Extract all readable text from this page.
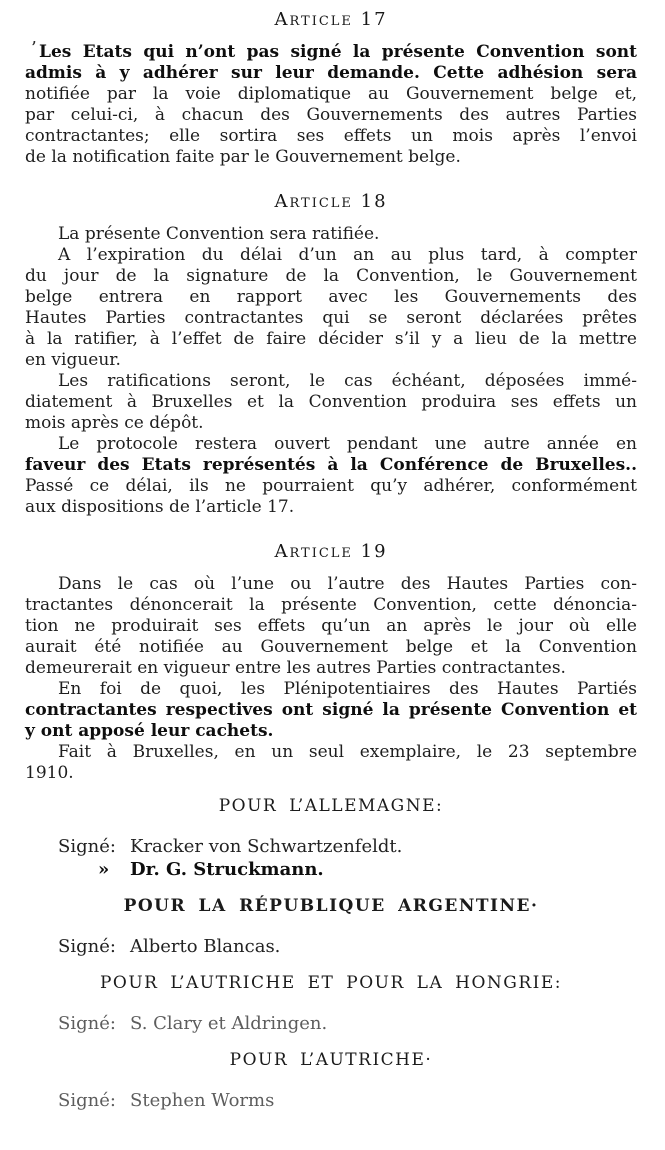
’
Article 17

Les Etats qui n’ont pas signé la présente Convention sont
admis à y adhérer sur leur demande. Cette adhésion sera
notifiée par la voie diplomatique au Gouvernement belge et,
par celui-ci, à chacun des Gouvernements des autres Parties
contractantes; elle sortira ses effets un mois après l’envoi
de la notification faite par le Gouvernement belge.

Article 18

La présente Convention sera ratifiée.

A l’expiration du délai d’un an au plus tard, à compter
du jour de la signature de la Convention, le Gouvernement
belge entrera en rapport avec les Gouvernements des
Hautes Parties contractantes qui se seront déclarées prêtes
à la ratifier, à l’effet de faire décider s’il y a lieu de la mettre
en vigueur.

Les ratifications seront, le cas échéant, déposées immé-
diatement à Bruxelles et la Convention produira ses effets un
mois après ce dépôt.

Le protocole restera ouvert pendant une autre année en
faveur des Etats représentés à la Conférence de Bruxelles..
Passé ce délai, ils ne pourraient qu’y adhérer, conformément
aux dispositions de l’article 17.

Article 19

Dans le cas où l’une ou l’autre des Hautes Parties con-
tractantes dénoncerait la présente Convention, cette dénoncia-
tion ne produirait ses effets qu’un an après le jour où elle
aurait été notifiée au Gouvernement belge et la Convention
demeurerait en vigueur entre les autres Parties contractantes.

En foi de quoi, les Plénipotentiaires des Hautes Partiés
contractantes respectives ont signé la présente Convention et
y ont apposé leur cachets.

Fait à Bruxelles, en un seul exemplaire, le 23 septembre
1910.

POUR L’ALLEMAGNE:
Signé: Kracker von Schwartzenfeldt.
»	Dr. G. Struckmann.
POUR LA RÉPUBLIQUE ARGENTINE·
Signé: Alberto Blancas.
POUR L’AUTRICHE ET POUR LA HONGRIE:
Signé: S. Clary et Aldringen.
POUR L’AUTRICHE·
Signé: Stephen Worms
